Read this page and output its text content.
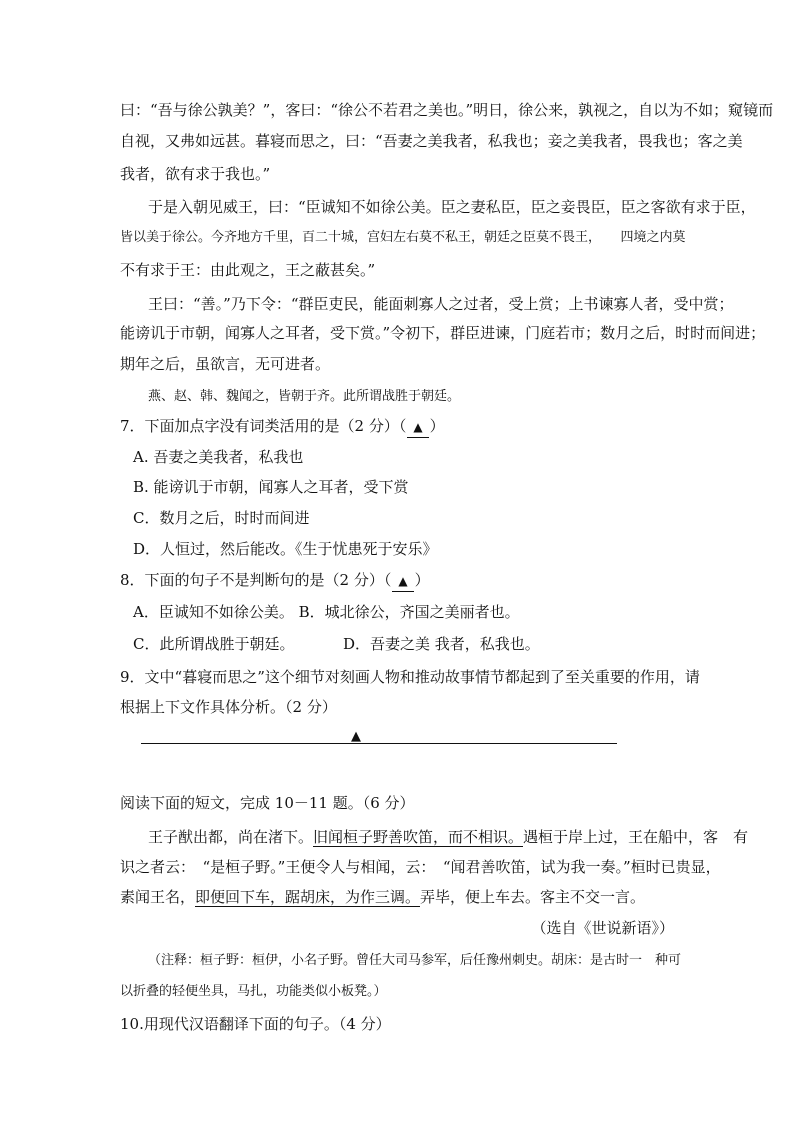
曰：“吾与徐公孰美？”，客曰：“徐公不若君之美也。”明日，徐公来，孰视之，自以为不如；窥镜而
自视，又弗如远甚。暮寝而思之，曰：“吾妻之美我者，私我也；妾之美我者，畏我也；客之美
我者，欲有求于我也。”
于是入朝见威王，曰：“臣诚知不如徐公美。臣之妻私臣，臣之妾畏臣，臣之客欲有求于臣，
皆以美于徐公。今齐地方千里，百二十城，宫妇左右莫不私王，朝廷之臣莫不畏王，　　四境之内莫
不有求于王：由此观之，王之蔽甚矣。”
王曰：“善。”乃下令：“群臣吏民，能面刺寡人之过者，受上赏；上书谏寡人者，受中赏；
能谤讥于市朝，闻寡人之耳者，受下赏。”令初下，群臣进谏，门庭若市；数月之后，时时而间进；
期年之后，虽欲言，无可进者。
燕、赵、韩、魏闻之，皆朝于齐。此所谓战胜于朝廷。
7．下面加点字没有词类活用的是（2 分）（ ▲ ）
A. 吾妻之美我者，私我也
B. 能谤讥于市朝，闻寡人之耳者，受下赏
C．数月之后，时时而间进
D．人恒过，然后能改。《生于忧患死于安乐》
8．下面的句子不是判断句的是（2 分）（ ▲ ）
A．臣诚知不如徐公美。 B．城北徐公，齐国之美丽者也。
C．此所谓战胜于朝廷。	D．吾妻之美 我者，私我也。
9．文中“暮寝而思之”这个细节对刻画人物和推动故事情节都起到了至关重要的作用，请
根据上下文作具体分析。（2 分）
▲
阅读下面的短文，完成 10－11 题。（6 分）
王子猷出都，尚在渚下。旧闻桓子野善吹笛，而不相识。遇桓于岸上过，王在船中，客　有
识之者云：　“是桓子野。”王便令人与相闻，云：　“闻君善吹笛，试为我一奏。”桓时已贵显，
素闻王名，即便回下车，踞胡床，为作三调。弄毕，便上车去。客主不交一言。
（选自《世说新语》）
（注释：桓子野：桓伊，小名子野。曾任大司马参军，后任豫州刺史。胡床：是古时一　种可
以折叠的轻便坐具，马扎，功能类似小板凳。）
10.用现代汉语翻译下面的句子。（4 分）
